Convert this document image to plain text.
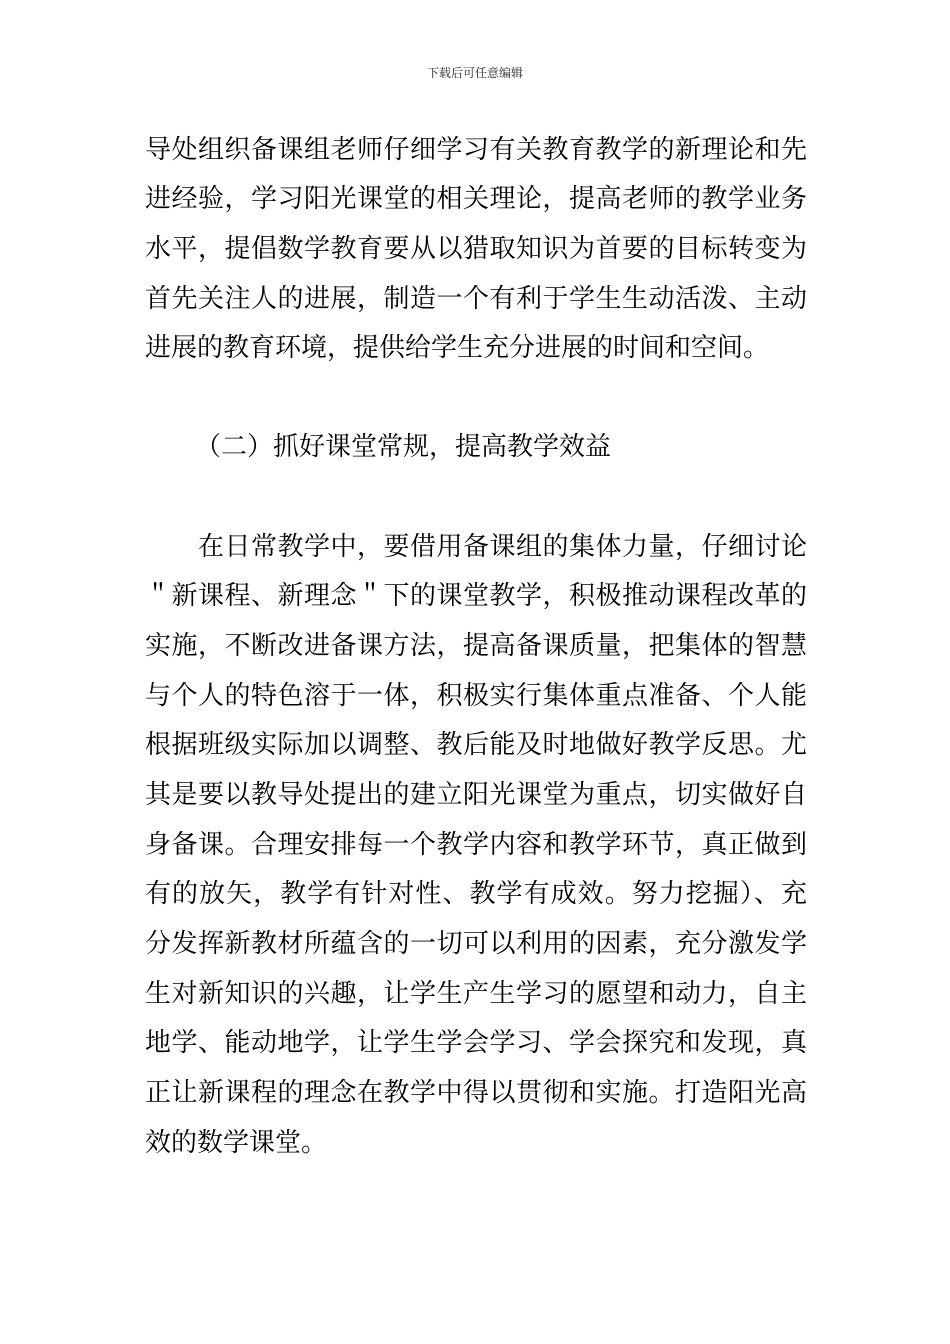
下载后可任意编辑
导处组织备课组老师仔细学习有关教育教学的新理论和先
进经验，学习阳光课堂的相关理论，提高老师的教学业务
水平，提倡数学教育要从以猎取知识为首要的目标转变为
首先关注人的进展，制造一个有利于学生生动活泼、主动
进展的教育环境，提供给学生充分进展的时间和空间。
（二）抓好课堂常规，提高教学效益
　　在日常教学中，要借用备课组的集体力量，仔细讨论
＂新课程、新理念＂下的课堂教学，积极推动课程改革的
实施，不断改进备课方法，提高备课质量，把集体的智慧
与个人的特色溶于一体，积极实行集体重点准备、个人能
根据班级实际加以调整、教后能及时地做好教学反思。尤
其是要以教导处提出的建立阳光课堂为重点，切实做好自
身备课。合理安排每一个教学内容和教学环节，真正做到
有的放矢，教学有针对性、教学有成效。努力挖掘）、充
分发挥新教材所蕴含的一切可以利用的因素，充分激发学
生对新知识的兴趣，让学生产生学习的愿望和动力，自主
地学、能动地学，让学生学会学习、学会探究和发现，真
正让新课程的理念在教学中得以贯彻和实施。打造阳光高
效的数学课堂。
